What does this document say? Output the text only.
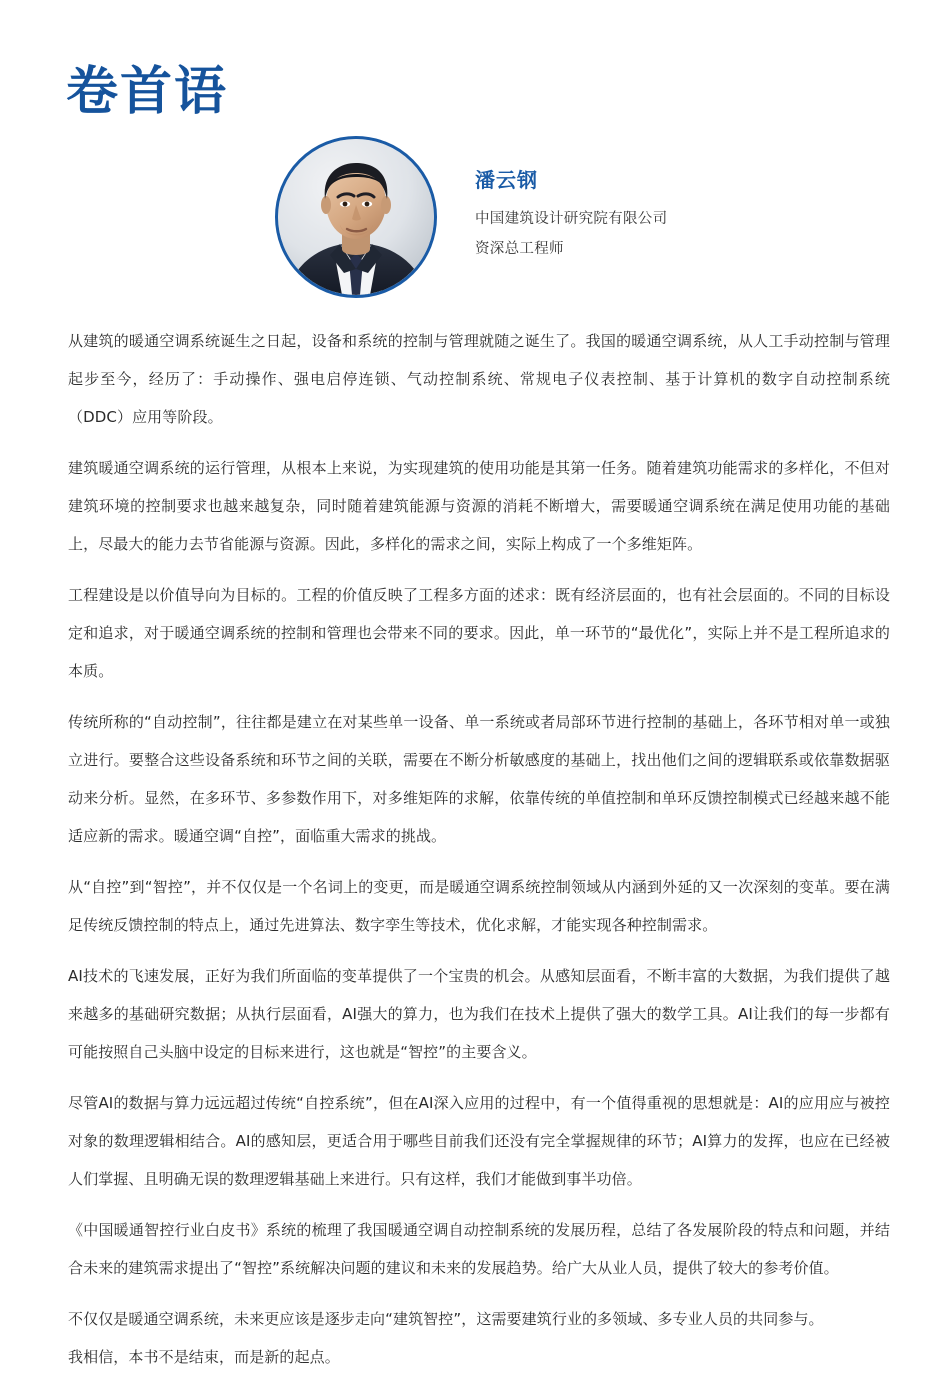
卷首语
潘云钢
中国建筑设计研究院有限公司
资深总工程师

从建筑的暖通空调系统诞生之日起，设备和系统的控制与管理就随之诞生了。我国的暖通空调系统，从人工手动控制与管理起步至今，经历了：手动操作、强电启停连锁、气动控制系统、常规电子仪表控制、基于计算机的数字自动控制系统（DDC）应用等阶段。

建筑暖通空调系统的运行管理，从根本上来说，为实现建筑的使用功能是其第一任务。随着建筑功能需求的多样化，不但对建筑环境的控制要求也越来越复杂，同时随着建筑能源与资源的消耗不断增大，需要暖通空调系统在满足使用功能的基础上，尽最大的能力去节省能源与资源。因此，多样化的需求之间，实际上构成了一个多维矩阵。

工程建设是以价值导向为目标的。工程的价值反映了工程多方面的述求：既有经济层面的，也有社会层面的。不同的目标设定和追求，对于暖通空调系统的控制和管理也会带来不同的要求。因此，单一环节的“最优化”，实际上并不是工程所追求的本质。

传统所称的“自动控制”，往往都是建立在对某些单一设备、单一系统或者局部环节进行控制的基础上，各环节相对单一或独立进行。要整合这些设备系统和环节之间的关联，需要在不断分析敏感度的基础上，找出他们之间的逻辑联系或依靠数据驱动来分析。显然，在多环节、多参数作用下，对多维矩阵的求解，依靠传统的单值控制和单环反馈控制模式已经越来越不能适应新的需求。暖通空调“自控”，面临重大需求的挑战。

从“自控”到“智控”，并不仅仅是一个名词上的变更，而是暖通空调系统控制领域从内涵到外延的又一次深刻的变革。要在满足传统反馈控制的特点上，通过先进算法、数字孪生等技术，优化求解，才能实现各种控制需求。

AI技术的飞速发展，正好为我们所面临的变革提供了一个宝贵的机会。从感知层面看，不断丰富的大数据，为我们提供了越来越多的基础研究数据；从执行层面看，AI强大的算力，也为我们在技术上提供了强大的数学工具。AI让我们的每一步都有可能按照自己头脑中设定的目标来进行，这也就是“智控”的主要含义。

尽管AI的数据与算力远远超过传统“自控系统”，但在AI深入应用的过程中，有一个值得重视的思想就是：AI的应用应与被控对象的数理逻辑相结合。AI的感知层，更适合用于哪些目前我们还没有完全掌握规律的环节；AI算力的发挥，也应在已经被人们掌握、且明确无误的数理逻辑基础上来进行。只有这样，我们才能做到事半功倍。

《中国暖通智控行业白皮书》系统的梳理了我国暖通空调自动控制系统的发展历程，总结了各发展阶段的特点和问题，并结合未来的建筑需求提出了“智控”系统解决问题的建议和未来的发展趋势。给广大从业人员，提供了较大的参考价值。

不仅仅是暖通空调系统，未来更应该是逐步走向“建筑智控”，这需要建筑行业的多领域、多专业人员的共同参与。
我相信，本书不是结束，而是新的起点。
